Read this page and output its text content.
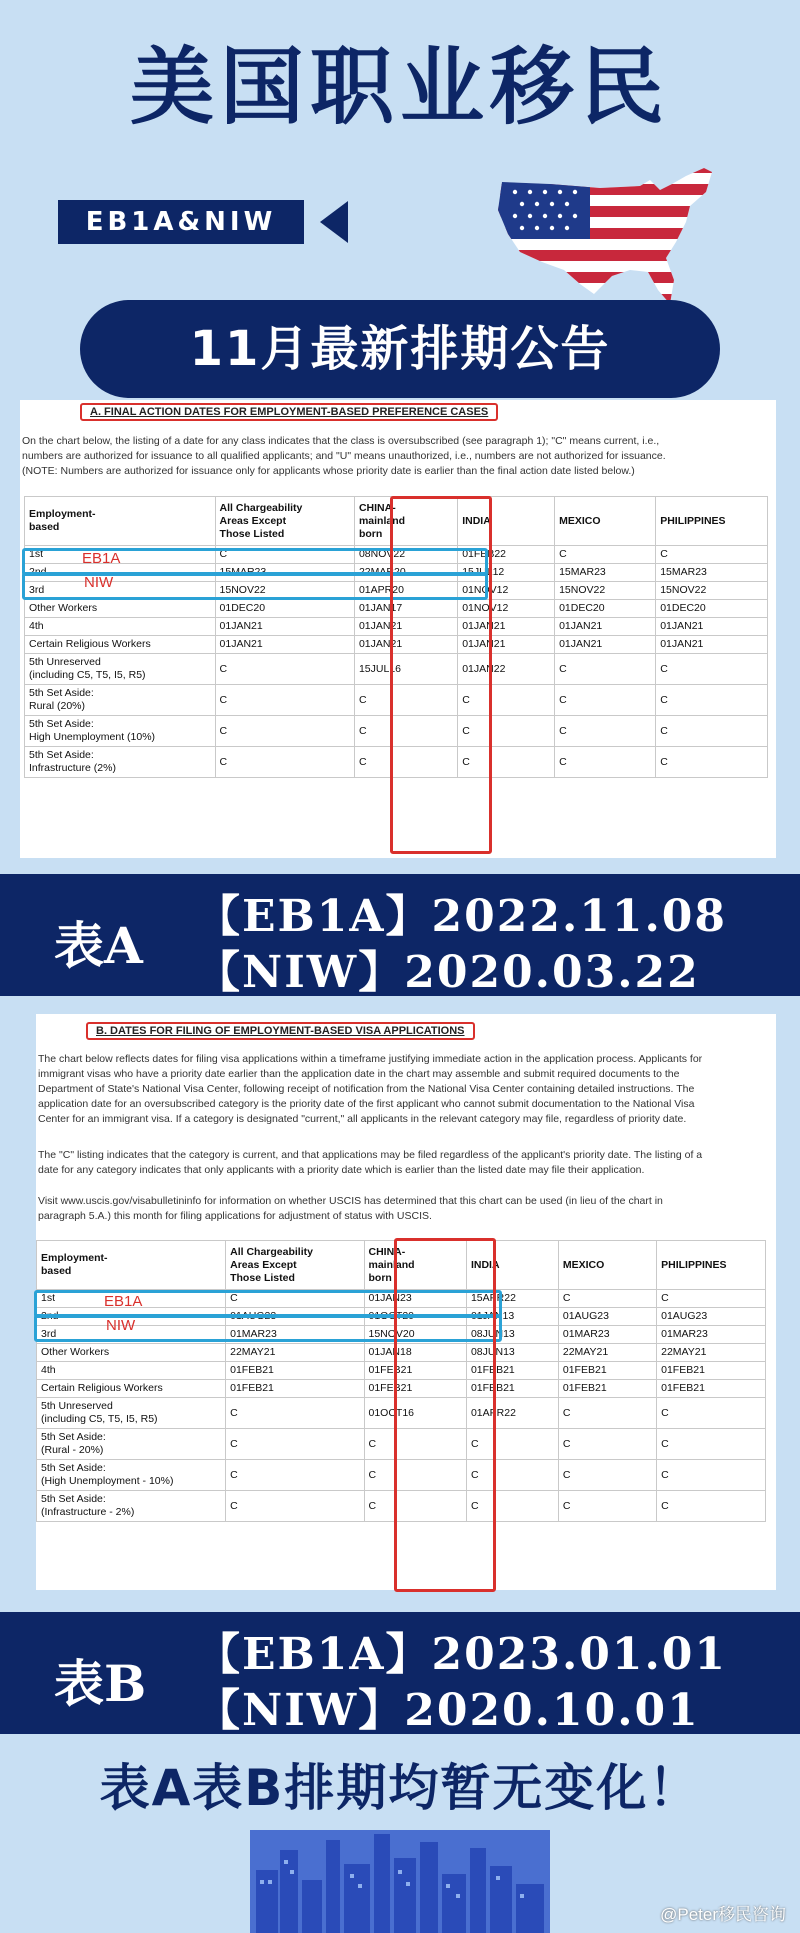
美国职业移民
EB1A&NIW
11月最新排期公告
A. FINAL ACTION DATES FOR EMPLOYMENT-BASED PREFERENCE CASES
On the chart below, the listing of a date for any class indicates that the class is oversubscribed (see paragraph 1); "C" means current, i.e.,
numbers are authorized for issuance to all qualified applicants; and "U" means unauthorized, i.e., numbers are not authorized for issuance.
(NOTE: Numbers are authorized for issuance only for applicants whose priority date is earlier than the final action date listed below.)
Employment-
based	All Chargeability
Areas Except
Those Listed	CHINA-
mainland
born	INDIA	MEXICO	PHILIPPINES
1st	C	08NOV22	01FEB22	C	C
2nd	15MAR23	22MAR20	15JUL12	15MAR23	15MAR23
3rd	15NOV22	01APR20	01NOV12	15NOV22	15NOV22
Other Workers	01DEC20	01JAN17	01NOV12	01DEC20	01DEC20
4th	01JAN21	01JAN21	01JAN21	01JAN21	01JAN21
Certain Religious Workers	01JAN21	01JAN21	01JAN21	01JAN21	01JAN21
5th Unreserved
(including C5, T5, I5, R5)	C	15JUL16	01JAN22	C	C
5th Set Aside:
Rural (20%)	C	C	C	C	C
5th Set Aside:
High Unemployment (10%)	C	C	C	C	C
5th Set Aside:
Infrastructure (2%)	C	C	C	C	C
EB1A
NIW
表A 【EB1A】2022.11.08
【NIW】2020.03.22
B. DATES FOR FILING OF EMPLOYMENT-BASED VISA APPLICATIONS
The chart below reflects dates for filing visa applications within a timeframe justifying immediate action in the application process. Applicants for
immigrant visas who have a priority date earlier than the application date in the chart may assemble and submit required documents to the
Department of State's National Visa Center, following receipt of notification from the National Visa Center containing detailed instructions. The
application date for an oversubscribed category is the priority date of the first applicant who cannot submit documentation to the National Visa
Center for an immigrant visa. If a category is designated "current," all applicants in the relevant category may file, regardless of priority date.
The "C" listing indicates that the category is current, and that applications may be filed regardless of the applicant's priority date. The listing of a
date for any category indicates that only applicants with a priority date which is earlier than the listed date may file their application.
Visit www.uscis.gov/visabulletininfo for information on whether USCIS has determined that this chart can be used (in lieu of the chart in
paragraph 5.A.) this month for filing applications for adjustment of status with USCIS.
Employment-
based	All Chargeability
Areas Except
Those Listed	CHINA-
mainland
born	INDIA	MEXICO	PHILIPPINES
1st	C	01JAN23	15APR22	C	C
2nd	01AUG23	01OCT20	01JAN13	01AUG23	01AUG23
3rd	01MAR23	15NOV20	08JUN13	01MAR23	01MAR23
Other Workers	22MAY21	01JAN18	08JUN13	22MAY21	22MAY21
4th	01FEB21	01FEB21	01FEB21	01FEB21	01FEB21
Certain Religious Workers	01FEB21	01FEB21	01FEB21	01FEB21	01FEB21
5th Unreserved
(including C5, T5, I5, R5)	C	01OCT16	01APR22	C	C
5th Set Aside:
(Rural - 20%)	C	C	C	C	C
5th Set Aside:
(High Unemployment - 10%)	C	C	C	C	C
5th Set Aside:
(Infrastructure - 2%)	C	C	C	C	C
EB1A
NIW
表B 【EB1A】2023.01.01
【NIW】2020.10.01
表A表B排期均暂无变化！
@Peter移民咨询
